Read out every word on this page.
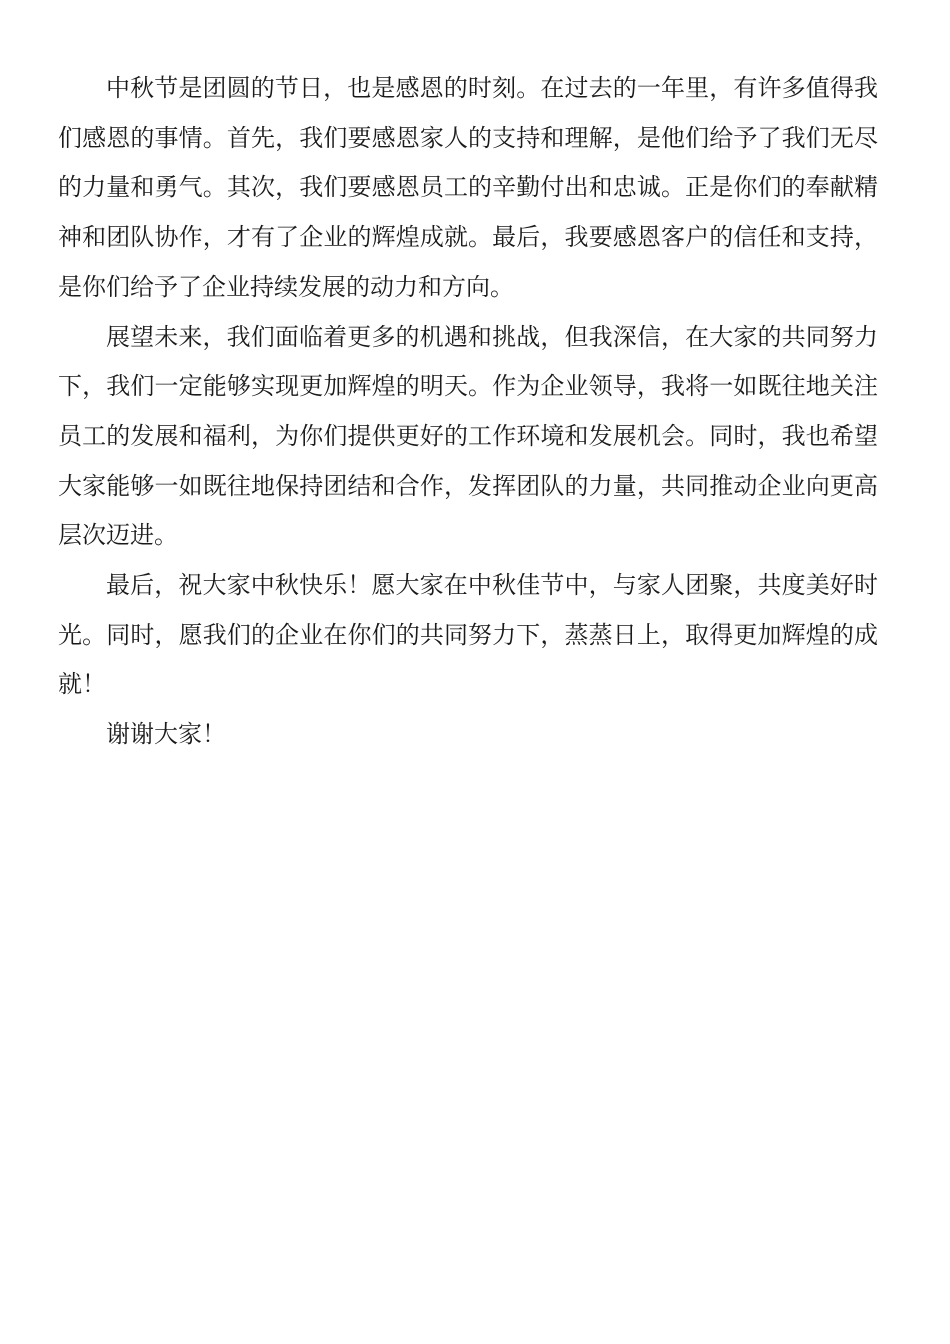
中秋节是团圆的节日，也是感恩的时刻。在过去的一年里，有许多值得我们感恩的事情。首先，我们要感恩家人的支持和理解，是他们给予了我们无尽的力量和勇气。其次，我们要感恩员工的辛勤付出和忠诚。正是你们的奉献精神和团队协作，才有了企业的辉煌成就。最后，我要感恩客户的信任和支持，是你们给予了企业持续发展的动力和方向。

展望未来，我们面临着更多的机遇和挑战，但我深信，在大家的共同努力下，我们一定能够实现更加辉煌的明天。作为企业领导，我将一如既往地关注员工的发展和福利，为你们提供更好的工作环境和发展机会。同时，我也希望大家能够一如既往地保持团结和合作，发挥团队的力量，共同推动企业向更高层次迈进。

最后，祝大家中秋快乐！愿大家在中秋佳节中，与家人团聚，共度美好时光。同时，愿我们的企业在你们的共同努力下，蒸蒸日上，取得更加辉煌的成就！

谢谢大家！
